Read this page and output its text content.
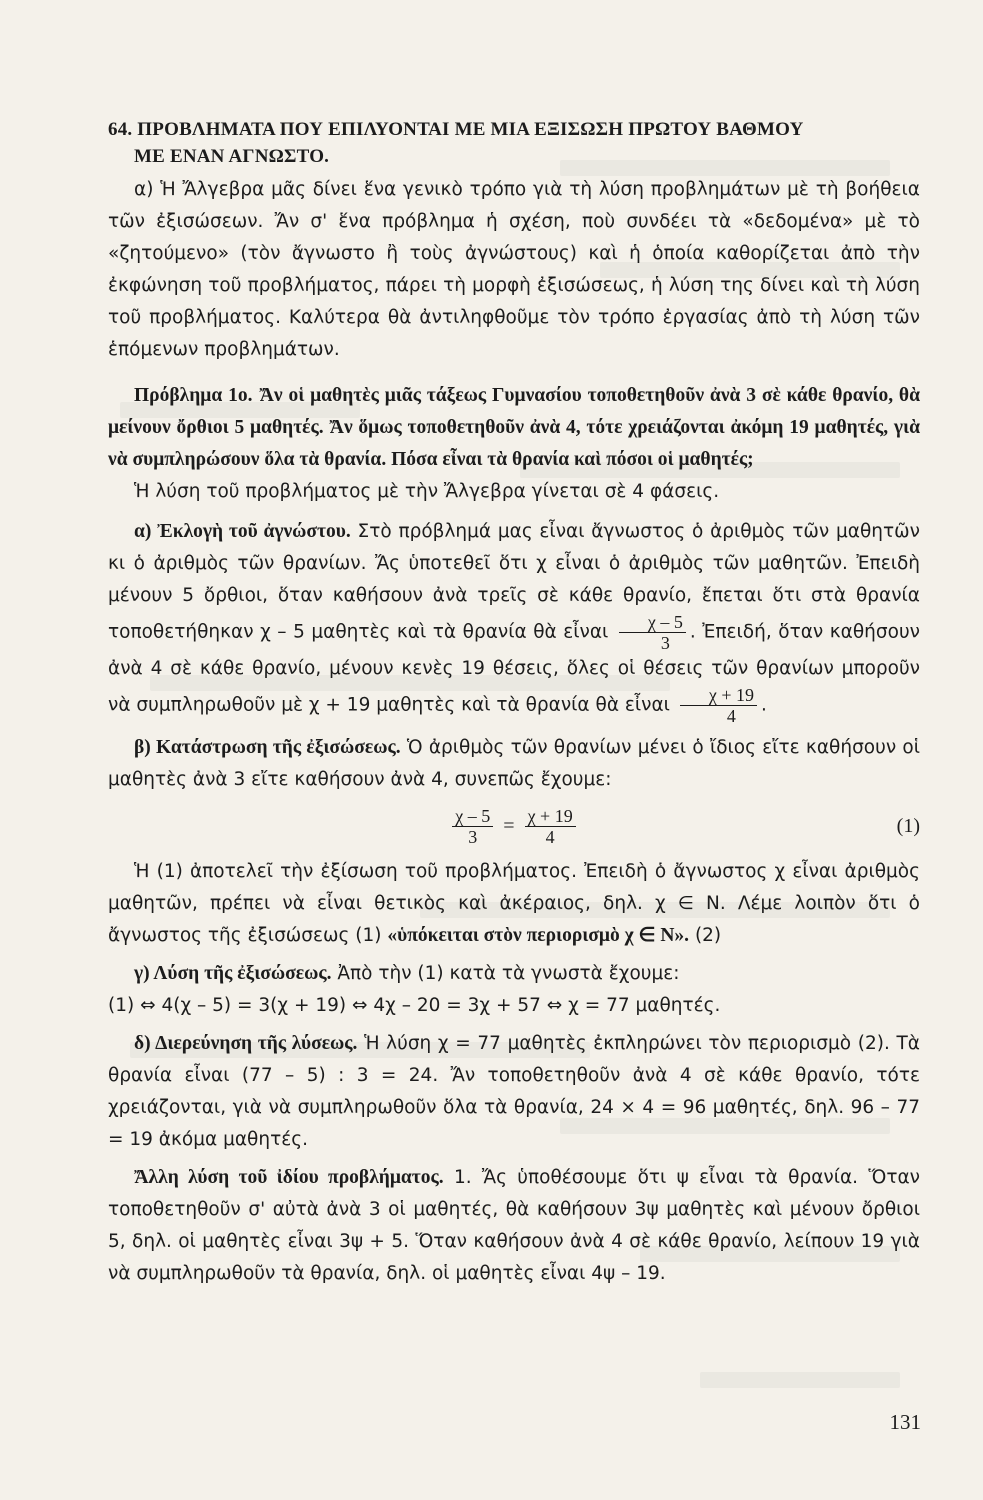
64. ΠΡΟΒΛΗΜΑΤΑ ΠΟΥ ΕΠΙΛΥΟΝΤΑΙ ΜΕ ΜΙΑ ΕΞΙΣΩΣΗ ΠΡΩΤΟΥ ΒΑΘΜΟΥ
ΜΕ ΕΝΑΝ ΑΓΝΩΣΤΟ.

α) Ἡ Ἄλγεβρα μᾶς δίνει ἕνα γενικὸ τρόπο γιὰ τὴ λύση προβλημάτων μὲ τὴ βοήθεια τῶν ἐξισώσεων. Ἄν σ' ἕνα πρόβλημα ἡ σχέση, ποὺ συνδέει τὰ «δεδομένα» μὲ τὸ «ζητούμενο» (τὸν ἄγνωστο ἢ τοὺς ἀγνώστους) καὶ ἡ ὁποία καθορίζεται ἀπὸ τὴν ἐκφώνηση τοῦ προβλήματος, πάρει τὴ μορφὴ ἐξισώσεως, ἡ λύση της δίνει καὶ τὴ λύση τοῦ προβλήματος. Καλύτερα θὰ ἀντιληφθοῦμε τὸν τρόπο ἐργασίας ἀπὸ τὴ λύση τῶν ἑπόμενων προβλημάτων.

Πρόβλημα 1ο. Ἄν οἱ μαθητὲς μιᾶς τάξεως Γυμνασίου τοποθετηθοῦν ἀνὰ 3 σὲ κάθε θρανίο, θὰ μείνουν ὄρθιοι 5 μαθητές. Ἄν ὅμως τοποθετηθοῦν ἀνὰ 4, τότε χρειάζονται ἀκόμη 19 μαθητές, γιὰ νὰ συμπληρώσουν ὅλα τὰ θρανία. Πόσα εἶναι τὰ θρανία καὶ πόσοι οἱ μαθητές;

Ἡ λύση τοῦ προβλήματος μὲ τὴν Ἄλγεβρα γίνεται σὲ 4 φάσεις.

α) Ἐκλογὴ τοῦ ἀγνώστου. Στὸ πρόβλημά μας εἶναι ἄγνωστος ὁ ἀριθμὸς τῶν μαθητῶν κι ὁ ἀριθμὸς τῶν θρανίων. Ἄς ὑποτεθεῖ ὅτι χ εἶναι ὁ ἀριθμὸς τῶν μαθητῶν. Ἐπειδὴ μένουν 5 ὄρθιοι, ὅταν καθήσουν ἀνὰ τρεῖς σὲ κάθε θρανίο, ἔπεται ὅτι στὰ θρανία τοποθετήθηκαν χ – 5 μαθητὲς καὶ τὰ θρανία θὰ εἶναι $\frac{\chi - 5}{3}$ . Ἐπειδή, ὅταν καθήσουν ἀνὰ 4 σὲ κάθε θρανίο, μένουν κενὲς 19 θέσεις, ὅλες οἱ θέσεις τῶν θρανίων μποροῦν νὰ συμπληρωθοῦν μὲ χ + 19 μαθητὲς καὶ τὰ θρανία θὰ εἶναι $\frac{\chi + 19}{4}$ .

β) Κατάστρωση τῆς ἐξισώσεως. Ὁ ἀριθμὸς τῶν θρανίων μένει ὁ ἴδιος εἴτε καθήσουν οἱ μαθητὲς ἀνὰ 3 εἴτε καθήσουν ἀνὰ 4, συνεπῶς ἔχουμε:

$\frac{\chi - 5}{3} = \frac{\chi + 19}{4}$	(1)

Ἡ (1) ἀποτελεῖ τὴν ἐξίσωση τοῦ προβλήματος. Ἐπειδὴ ὁ ἄγνωστος χ εἶναι ἀριθμὸς μαθητῶν, πρέπει νὰ εἶναι θετικὸς καὶ ἀκέραιος, δηλ. χ ∈ N. Λέμε λοιπὸν ὅτι ὁ ἄγνωστος τῆς ἐξισώσεως (1) «ὑπόκειται στὸν περιορισμὸ χ ∈ N». (2)

γ) Λύση τῆς ἐξισώσεως. Ἀπὸ τὴν (1) κατὰ τὰ γνωστὰ ἔχουμε:

(1) ⇔ 4(χ – 5) = 3(χ + 19) ⇔ 4χ – 20 = 3χ + 57 ⇔ χ = 77 μαθητές.

δ) Διερεύνηση τῆς λύσεως. Ἡ λύση χ = 77 μαθητὲς ἐκπληρώνει τὸν περιορισμὸ (2). Τὰ θρανία εἶναι (77 – 5) : 3 = 24. Ἄν τοποθετηθοῦν ἀνὰ 4 σὲ κάθε θρανίο, τότε χρειάζονται, γιὰ νὰ συμπληρωθοῦν ὅλα τὰ θρανία, 24 × 4 = 96 μαθητές, δηλ. 96 – 77 = 19 ἀκόμα μαθητές.

Ἄλλη λύση τοῦ ἰδίου προβλήματος. 1. Ἄς ὑποθέσουμε ὅτι ψ εἶναι τὰ θρανία. Ὅταν τοποθετηθοῦν σ' αὐτὰ ἀνὰ 3 οἱ μαθητές, θὰ καθήσουν 3ψ μαθητὲς καὶ μένουν ὄρθιοι 5, δηλ. οἱ μαθητὲς εἶναι 3ψ + 5. Ὅταν καθήσουν ἀνὰ 4 σὲ κάθε θρανίο, λείπουν 19 γιὰ νὰ συμπληρωθοῦν τὰ θρανία, δηλ. οἱ μαθητὲς εἶναι 4ψ – 19.

131
